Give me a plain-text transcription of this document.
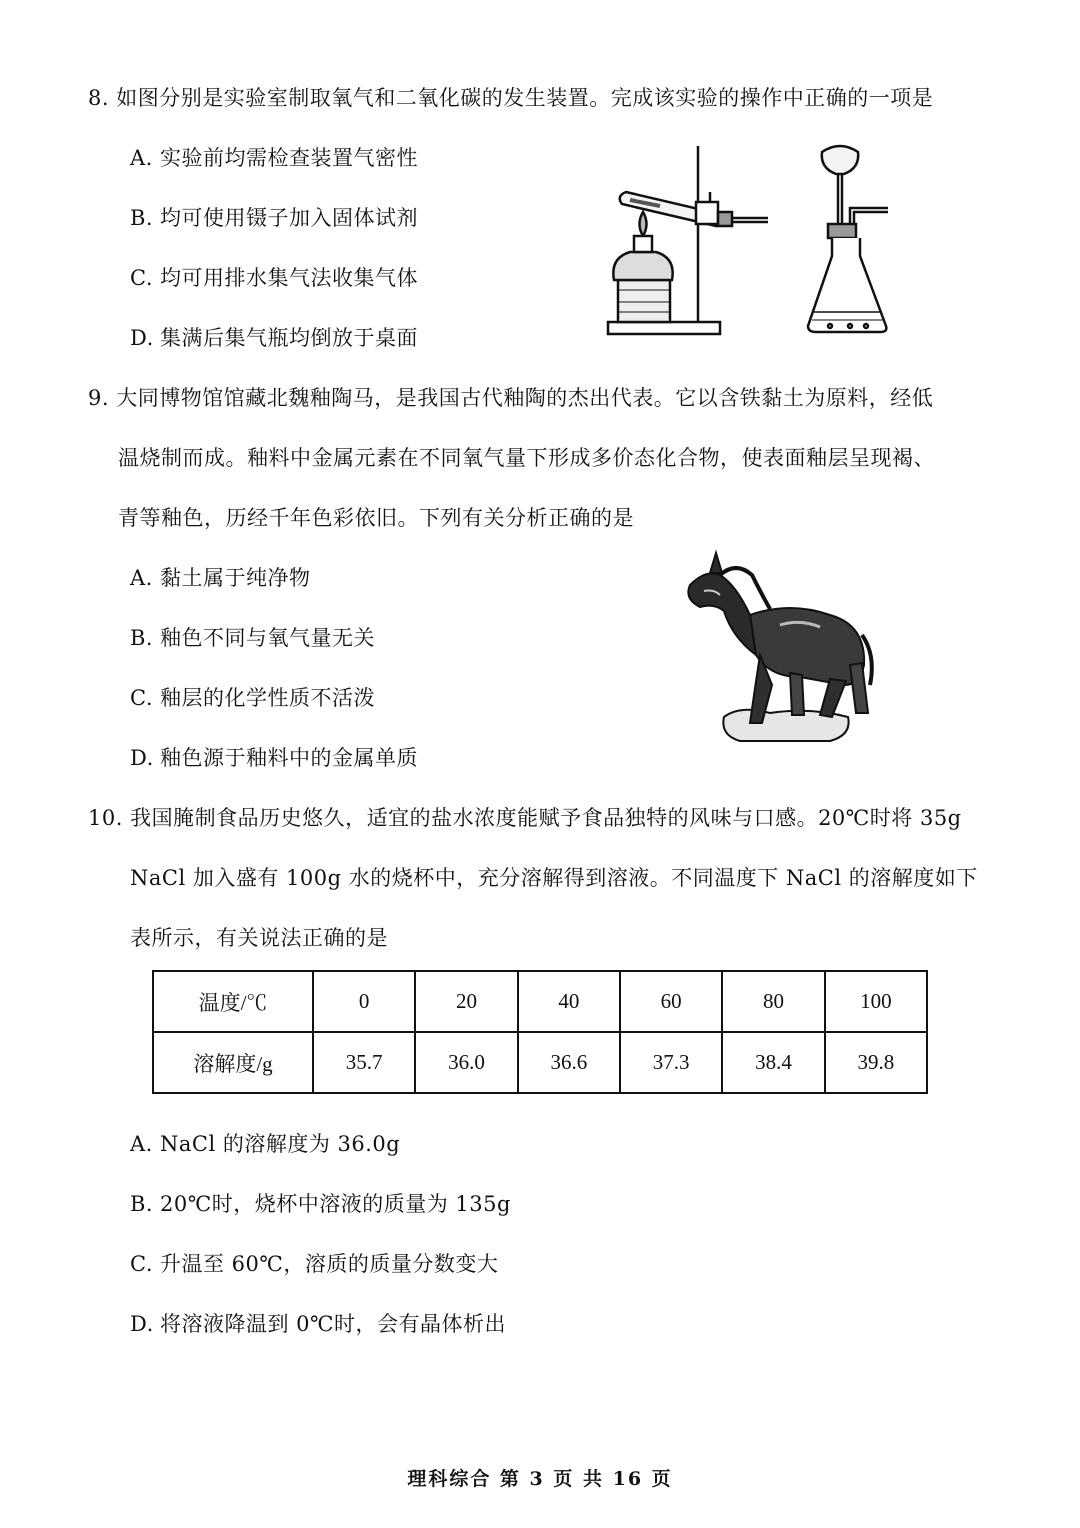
8. 如图分别是实验室制取氧气和二氧化碳的发生装置。完成该实验的操作中正确的一项是
A. 实验前均需检查装置气密性
B. 均可使用镊子加入固体试剂
C. 均可用排水集气法收集气体
D. 集满后集气瓶均倒放于桌面
9. 大同博物馆馆藏北魏釉陶马，是我国古代釉陶的杰出代表。它以含铁黏土为原料，经低
温烧制而成。釉料中金属元素在不同氧气量下形成多价态化合物，使表面釉层呈现褐、
青等釉色，历经千年色彩依旧。下列有关分析正确的是
A. 黏土属于纯净物
B. 釉色不同与氧气量无关
C. 釉层的化学性质不活泼
D. 釉色源于釉料中的金属单质
10. 我国腌制食品历史悠久，适宜的盐水浓度能赋予食品独特的风味与口感。20℃时将 35g
NaCl 加入盛有 100g 水的烧杯中，充分溶解得到溶液。不同温度下 NaCl 的溶解度如下
表所示，有关说法正确的是
温度/℃	0	20	40	60	80	100
溶解度/g	35.7	36.0	36.6	37.3	38.4	39.8
A. NaCl 的溶解度为 36.0g
B. 20℃时，烧杯中溶液的质量为 135g
C. 升温至 60℃，溶质的质量分数变大
D. 将溶液降温到 0℃时，会有晶体析出
理科综合 第 3 页 共 16 页
